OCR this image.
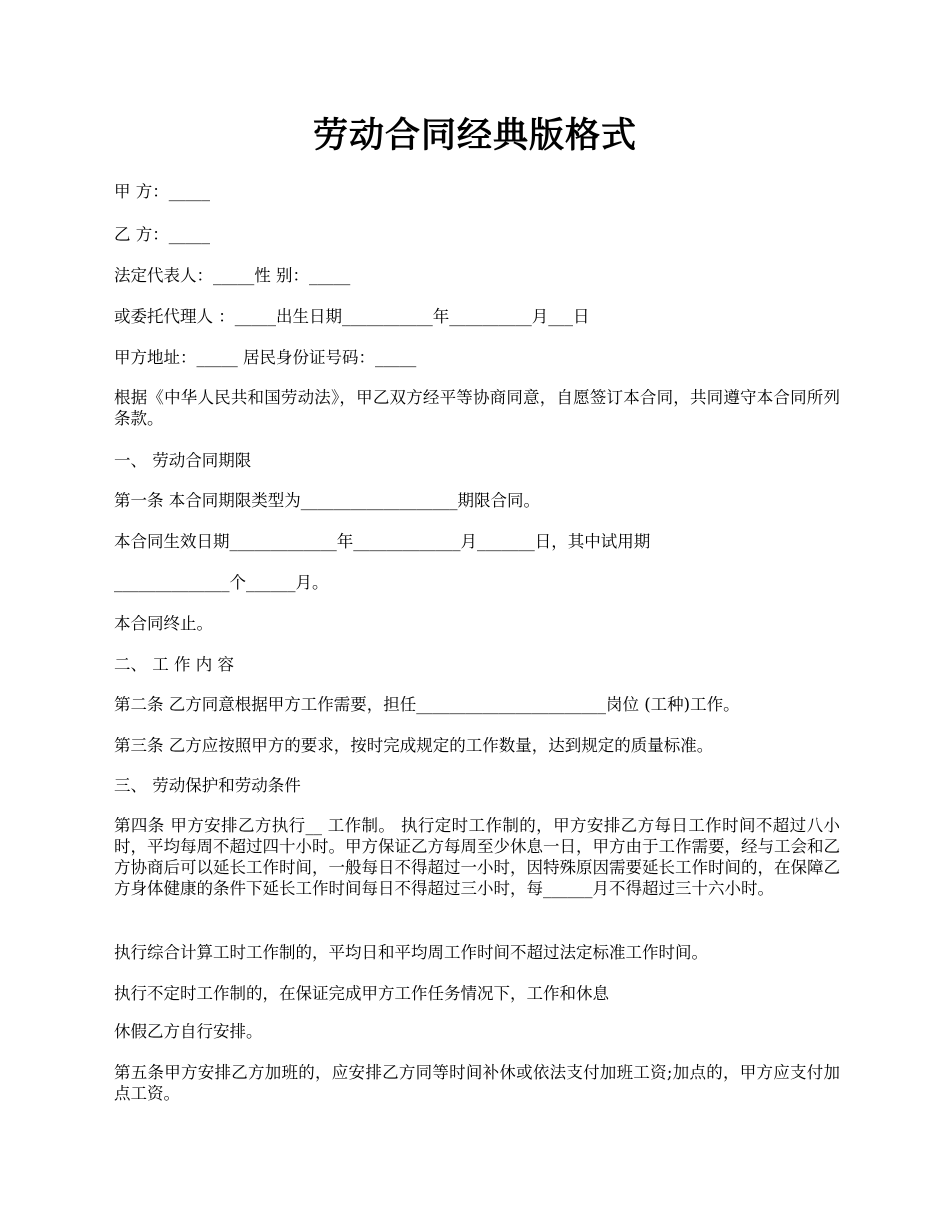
劳动合同经典版格式

甲 方：_____

乙 方：_____

法定代表人：_____性 别：_____

或委托代理人 ：_____出生日期___________年__________月___日

甲方地址：_____ 居民身份证号码：_____

根据《中华人民共和国劳动法》，甲乙双方经平等协商同意，自愿签订本合同，共同遵守本合同所列条款。

一、 劳动合同期限

第一条 本合同期限类型为___________________期限合同。

本合同生效日期_____________年_____________月_______日，其中试用期

______________个______月。

本合同终止。

二、 工 作 内 容

第二条 乙方同意根据甲方工作需要，担任_______________________岗位 (工种)工作。

第三条 乙方应按照甲方的要求，按时完成规定的工作数量，达到规定的质量标准。

三、 劳动保护和劳动条件

第四条 甲方安排乙方执行__ 工作制。 执行定时工作制的，甲方安排乙方每日工作时间不超过八小时，平均每周不超过四十小时。甲方保证乙方每周至少休息一日，甲方由于工作需要，经与工会和乙方协商后可以延长工作时间，一般每日不得超过一小时，因特殊原因需要延长工作时间的，在保障乙方身体健康的条件下延长工作时间每日不得超过三小时，每______月不得超过三十六小时。

执行综合计算工时工作制的，平均日和平均周工作时间不超过法定标准工作时间。

执行不定时工作制的，在保证完成甲方工作任务情况下，工作和休息

休假乙方自行安排。

第五条甲方安排乙方加班的，应安排乙方同等时间补休或依法支付加班工资;加点的，甲方应支付加点工资。
